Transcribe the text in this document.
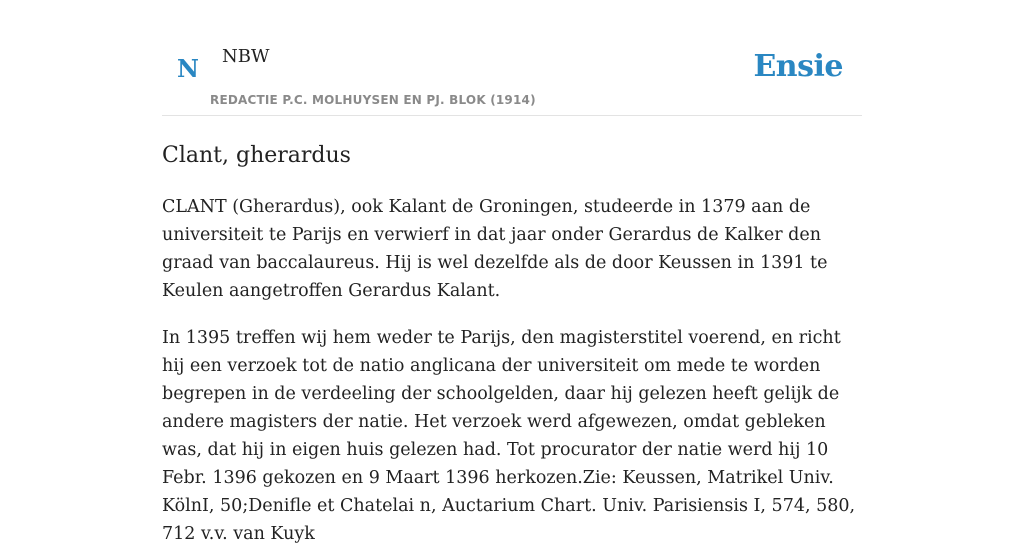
N NBW
REDACTIE P.C. MOLHUYSEN EN PJ. BLOK (1914)
Ensie
Clant, gherardus

CLANT (Gherardus), ook Kalant de Groningen, studeerde in 1379 aan de universiteit te Parijs en verwierf in dat jaar onder Gerardus de Kalker den graad van baccalaureus. Hij is wel dezelfde als de door Keussen in 1391 te Keulen aangetroffen Gerardus Kalant.

In 1395 treffen wij hem weder te Parijs, den magisterstitel voerend, en richt hij een verzoek tot de natio anglicana der universiteit om mede te worden begrepen in de verdeeling der schoolgelden, daar hij gelezen heeft gelijk de andere magisters der natie. Het verzoek werd afgewezen, omdat gebleken was, dat hij in eigen huis gelezen had. Tot procurator der natie werd hij 10 Febr. 1396 gekozen en 9 Maart 1396 herkozen.Zie: Keussen, Matrikel Univ. KölnI, 50;Denifle et Chatelai n, Auctarium Chart. Univ. Parisiensis I, 574, 580, 712 v.v. van Kuyk
